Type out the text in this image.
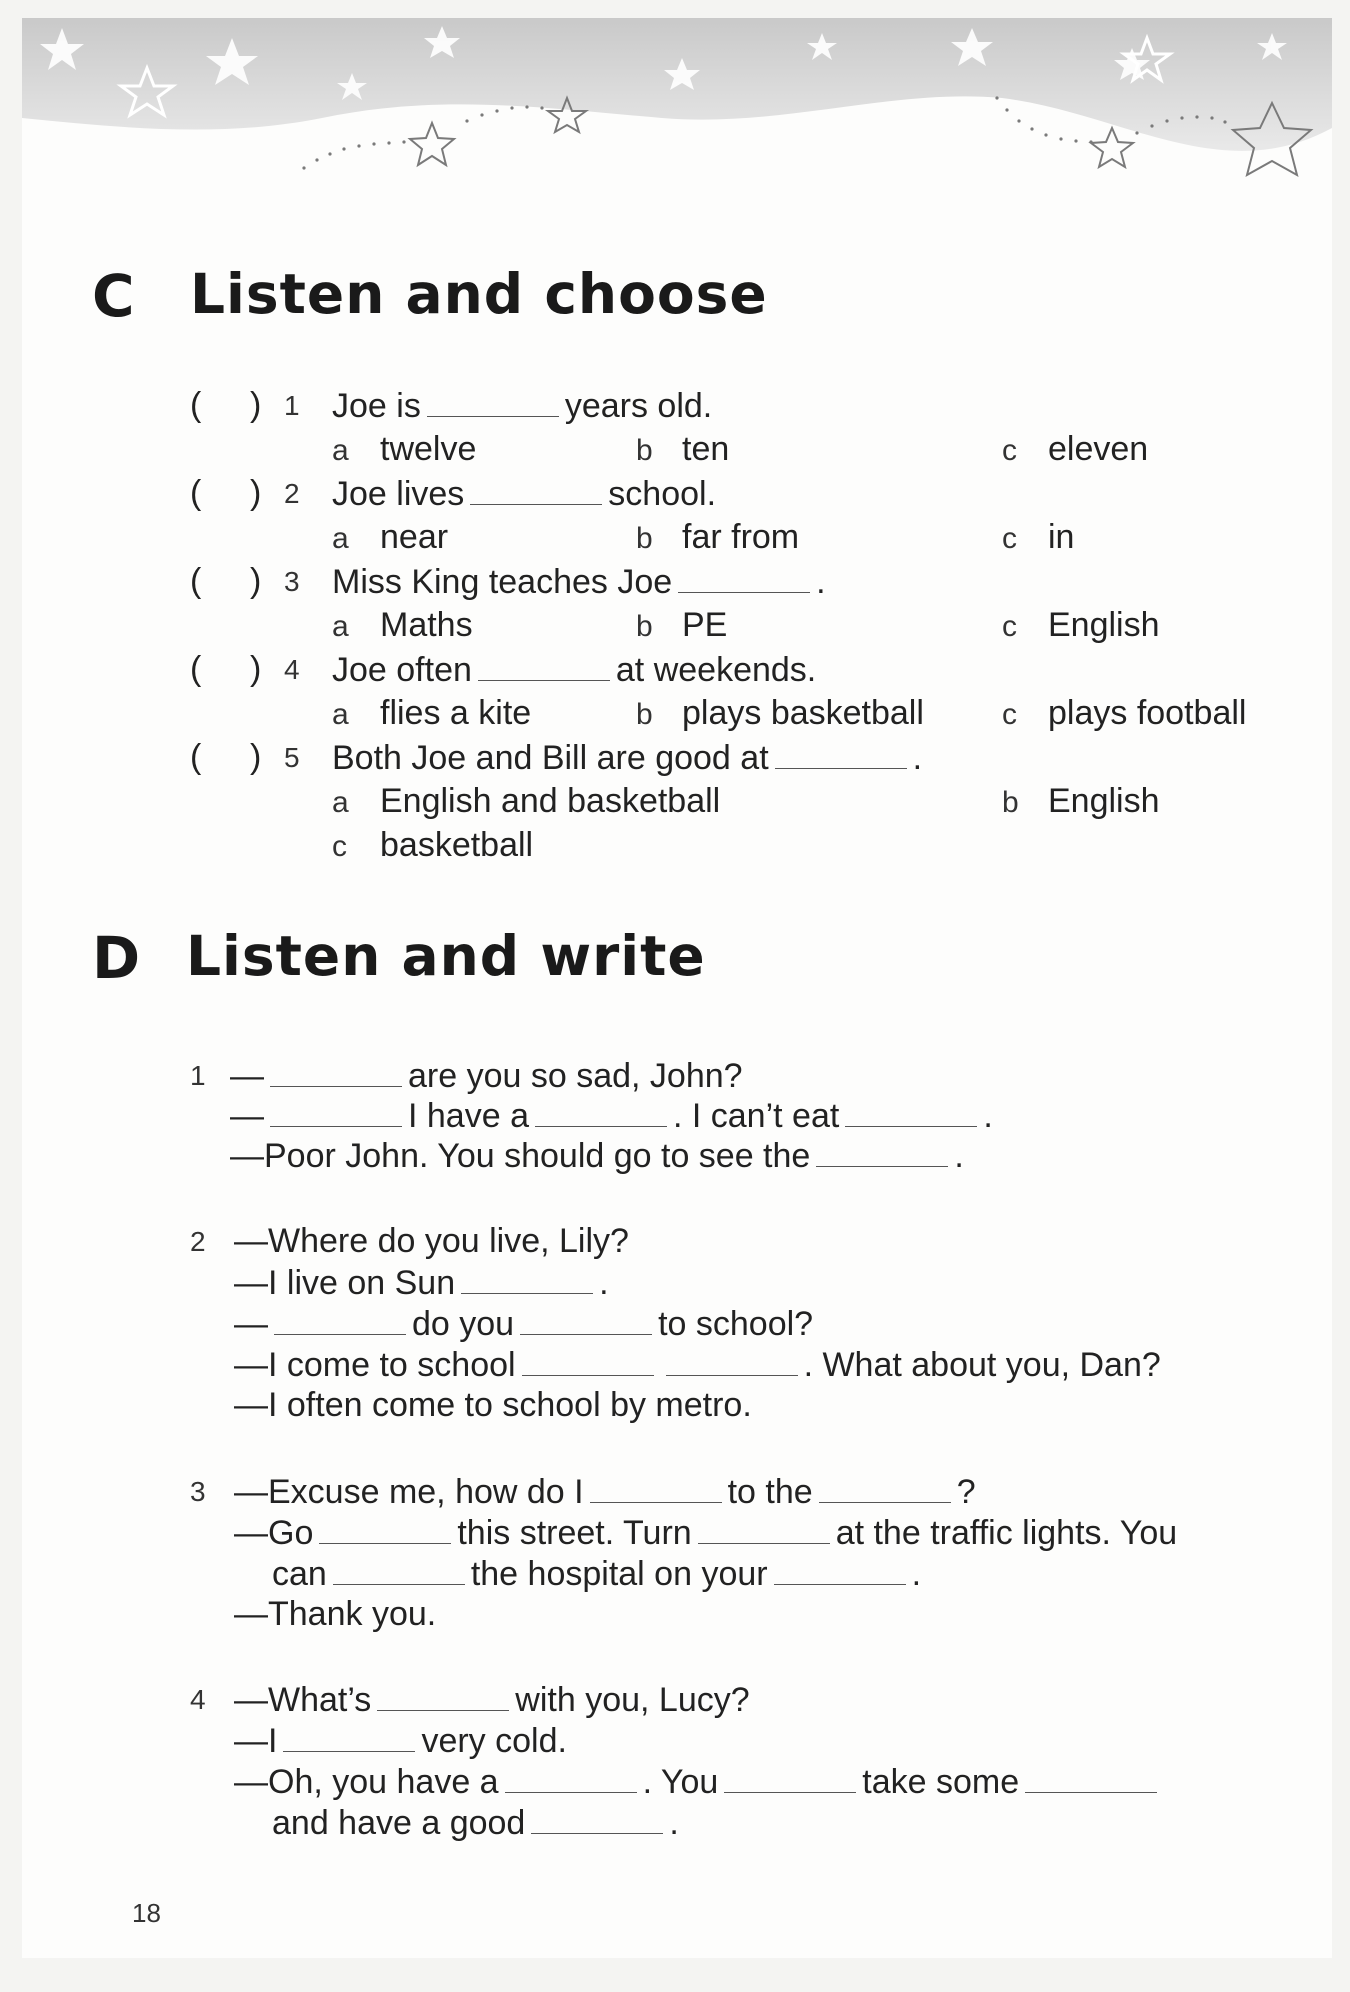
C Listen and choose
( ) 1 Joe is	years old.
a twelve	b ten	c eleven
( ) 2 Joe lives	school.
a near	b far from	c in
( ) 3 Miss King teaches Joe	.
a Maths	b PE	c English
( ) 4 Joe often	at weekends.
a flies a kite	b plays basketball	c plays football
( ) 5 Both Joe and Bill are good at	.
a English and basketball	b English
c basketball
D Listen and write
1 —	are you so sad, John?
—	I have a	. I can’t eat	.
—Poor John. You should go to see the	.
2 —Where do you live, Lily?
—I live on Sun	.
—	do you	to school?
—I come to school	. What about you, Dan?
—I often come to school by metro.
3 —Excuse me, how do I	to the	?
—Go	this street. Turn	at the traffic lights. You
can	the hospital on your	.
—Thank you.
4 —What’s	with you, Lucy?
—I	very cold.
—Oh, you have a	. You	take some
and have a good	.
18
